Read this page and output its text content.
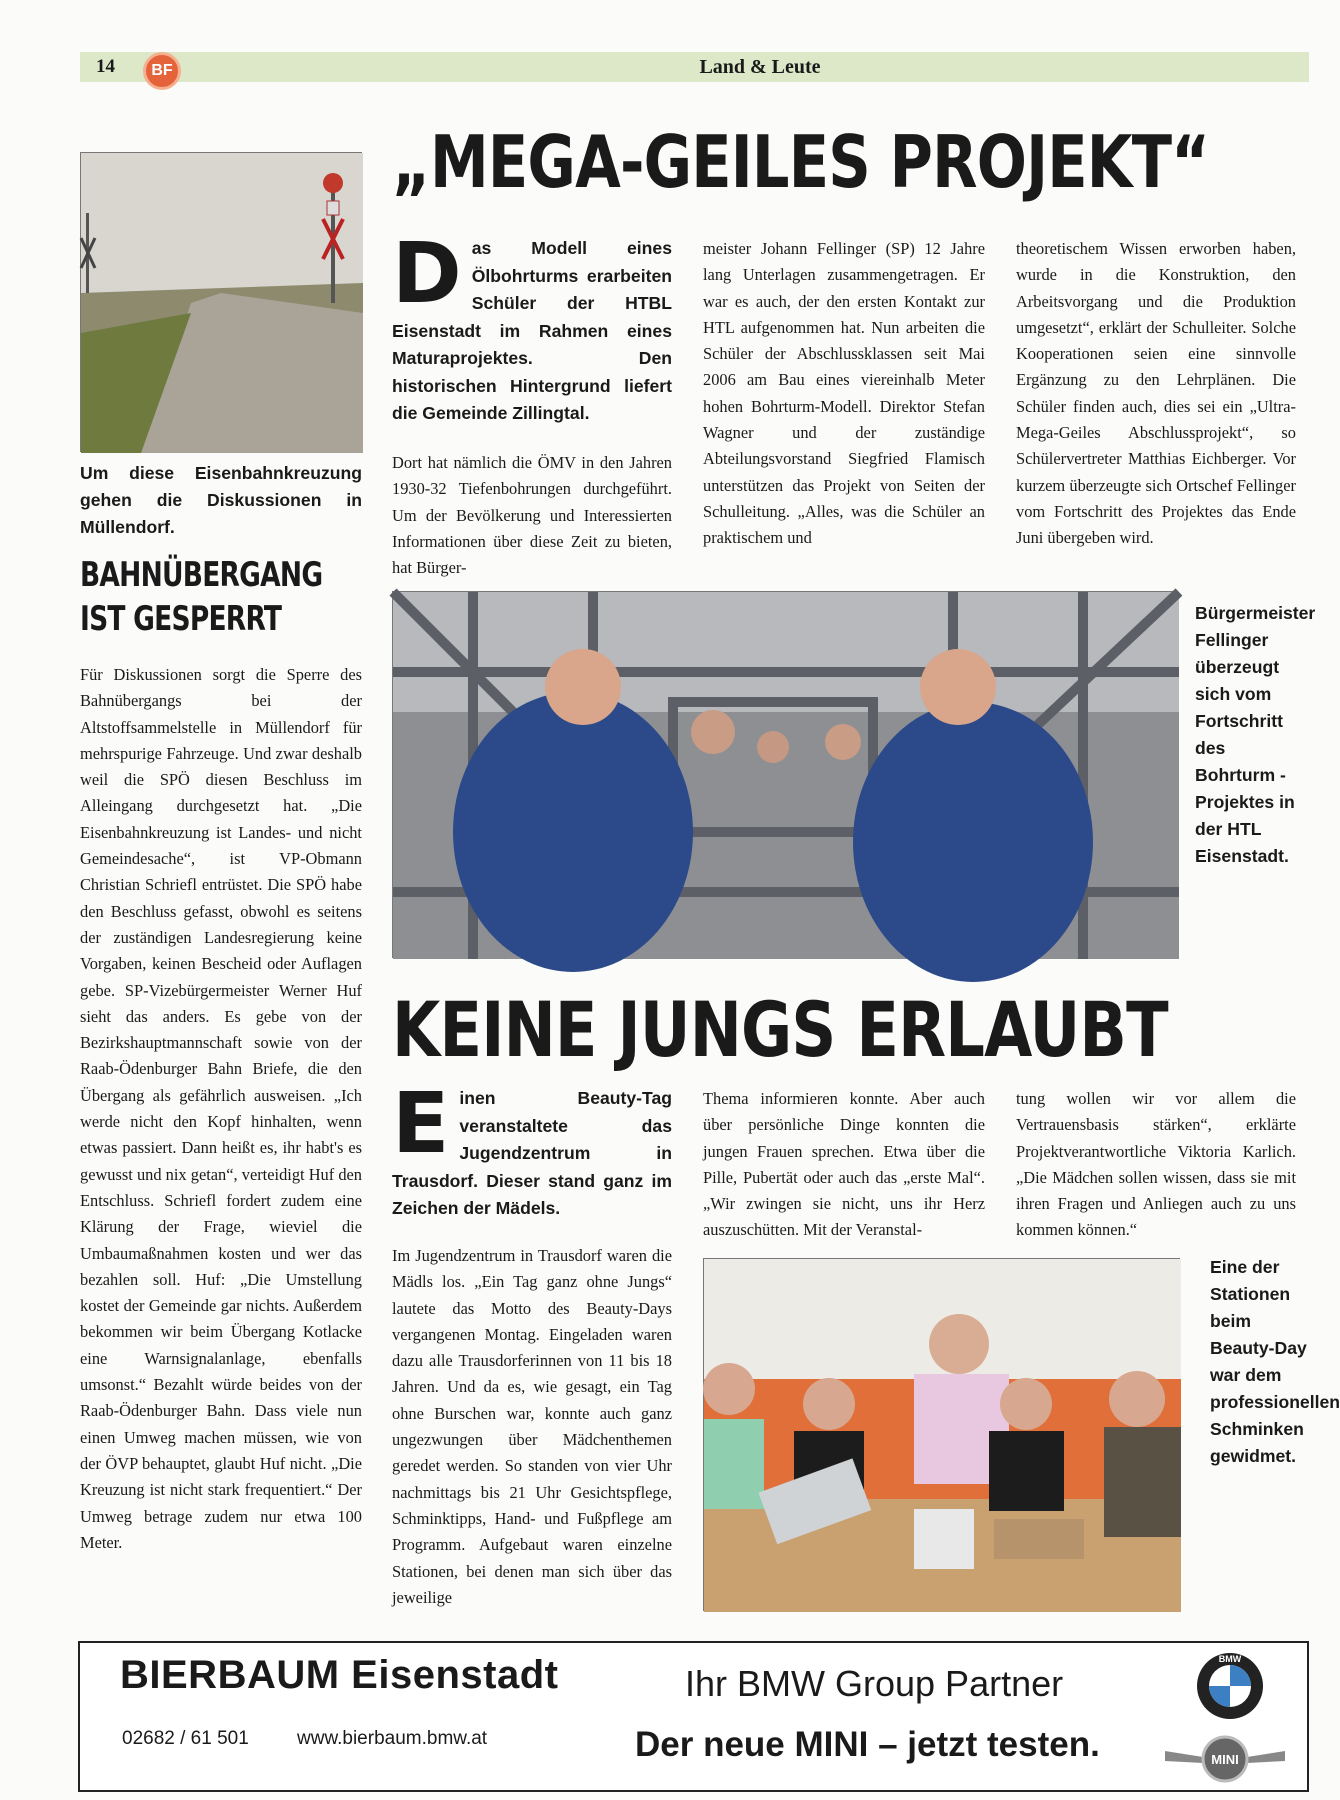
14	BF	Land & Leute
Um diese Eisenbahnkreuzung gehen die Diskussionen in Müllendorf.
BAHNÜBERGANG
IST GESPERRT
Für Diskussionen sorgt die Sperre des Bahnübergangs bei der Altstoffsammelstelle in Müllendorf für mehrspurige Fahrzeuge. Und zwar deshalb weil die SPÖ diesen Beschluss im Alleingang durchgesetzt hat. „Die Eisenbahnkreuzung ist Landes- und nicht Gemeindesache“, ist VP-Obmann Christian Schriefl entrüstet. Die SPÖ habe den Beschluss gefasst, obwohl es seitens der zuständigen Landesregierung keine Vorgaben, keinen Bescheid oder Auflagen gebe. SP-Vizebürgermeister Werner Huf sieht das anders. Es gebe von der Bezirkshauptmannschaft sowie von der Raab-Ödenburger Bahn Briefe, die den Übergang als gefährlich ausweisen. „Ich werde nicht den Kopf hinhalten, wenn etwas passiert. Dann heißt es, ihr habt's es gewusst und nix getan“, verteidigt Huf den Entschluss. Schriefl fordert zudem eine Klärung der Frage, wieviel die Umbaumaßnahmen kosten und wer das bezahlen soll. Huf: „Die Umstellung kostet der Gemeinde gar nichts. Außerdem bekommen wir beim Übergang Kotlacke eine Warnsignalanlage, ebenfalls umsonst.“ Bezahlt würde beides von der Raab-Ödenburger Bahn. Dass viele nun einen Umweg machen müssen, wie von der ÖVP behauptet, glaubt Huf nicht. „Die Kreuzung ist nicht stark frequentiert.“ Der Umweg betrage zudem nur etwa 100 Meter.
„MEGA-GEILES PROJEKT“
D as Modell eines Ölbohrturms erarbeiten Schüler der HTBL Eisenstadt im Rahmen eines Maturaprojektes. Den historischen Hintergrund liefert die Gemeinde Zillingtal.
Dort hat nämlich die ÖMV in den Jahren 1930-32 Tiefenbohrungen durchgeführt. Um der Bevölkerung und Interessierten Informationen über diese Zeit zu bieten, hat Bürger-
meister Johann Fellinger (SP) 12 Jahre lang Unterlagen zusammengetragen. Er war es auch, der den ersten Kontakt zur HTL aufgenommen hat. Nun arbeiten die Schüler der Abschlussklassen seit Mai 2006 am Bau eines viereinhalb Meter hohen Bohrturm-Modell. Direktor Stefan Wagner und der zuständige Abteilungsvorstand Siegfried Flamisch unterstützen das Projekt von Seiten der Schulleitung. „Alles, was die Schüler an praktischem und
theoretischem Wissen erworben haben, wurde in die Konstruktion, den Arbeitsvorgang und die Produktion umgesetzt“, erklärt der Schulleiter. Solche Kooperationen seien eine sinnvolle Ergänzung zu den Lehrplänen. Die Schüler finden auch, dies sei ein „Ultra-Mega-Geiles Abschlussprojekt“, so Schülervertreter Matthias Eichberger. Vor kurzem überzeugte sich Ortschef Fellinger vom Fortschritt des Projektes das Ende Juni übergeben wird.
Bürgermeister Fellinger überzeugt sich vom Fortschritt des Bohrturm - Projektes in der HTL Eisenstadt.
KEINE JUNGS ERLAUBT
E inen Beauty-Tag veranstaltete das Jugendzentrum in Trausdorf. Dieser stand ganz im Zeichen der Mädels.
Im Jugendzentrum in Trausdorf waren die Mädls los. „Ein Tag ganz ohne Jungs“ lautete das Motto des Beauty-Days vergangenen Montag. Eingeladen waren dazu alle Trausdorferinnen von 11 bis 18 Jahren. Und da es, wie gesagt, ein Tag ohne Burschen war, konnte auch ganz ungezwungen über Mädchenthemen geredet werden. So standen von vier Uhr nachmittags bis 21 Uhr Gesichtspflege, Schminktipps, Hand- und Fußpflege am Programm. Aufgebaut waren einzelne Stationen, bei denen man sich über das jeweilige
Thema informieren konnte. Aber auch über persönliche Dinge konnten die jungen Frauen sprechen. Etwa über die Pille, Pubertät oder auch das „erste Mal“. „Wir zwingen sie nicht, uns ihr Herz auszuschütten. Mit der Veranstal-
tung wollen wir vor allem die Vertrauensbasis stärken“, erklärte Projektverantwortliche Viktoria Karlich. „Die Mädchen sollen wissen, dass sie mit ihren Fragen und Anliegen auch zu uns kommen können.“
Eine der Stationen beim Beauty-Day war dem professionellen Schminken gewidmet.
BIERBAUM Eisenstadt
02682 / 61 501	www.bierbaum.bmw.at
Ihr BMW Group Partner
Der neue MINI – jetzt testen.
BMW
MINI
